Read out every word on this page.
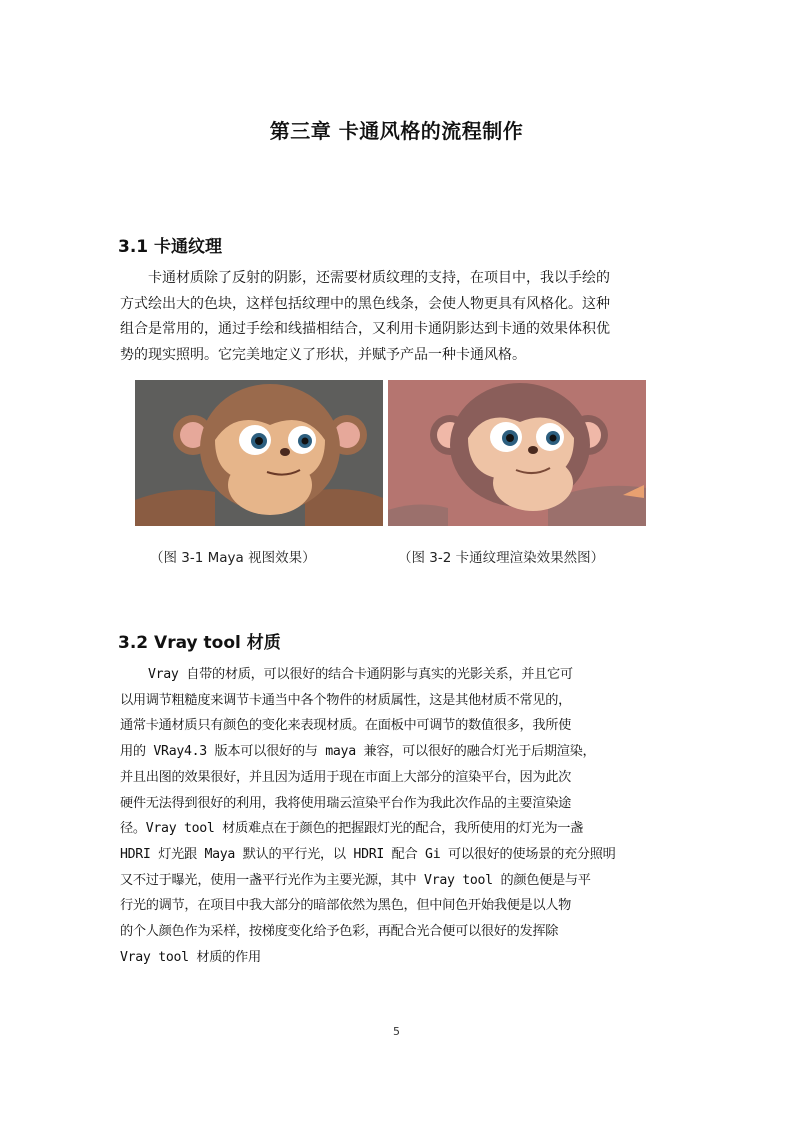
第三章 卡通风格的流程制作
3.1 卡通纹理
卡通材质除了反射的阴影，还需要材质纹理的支持，在项目中，我以手绘的
方式绘出大的色块，这样包括纹理中的黑色线条，会使人物更具有风格化。这种
组合是常用的，通过手绘和线描相结合，又利用卡通阴影达到卡通的效果体积优
势的现实照明。它完美地定义了形状，并赋予产品一种卡通风格。
（图 3-1 Maya 视图效果）	（图 3-2 卡通纹理渲染效果然图）
3.2 Vray tool 材质
Vray 自带的材质，可以很好的结合卡通阴影与真实的光影关系，并且它可
以用调节粗糙度来调节卡通当中各个物件的材质属性，这是其他材质不常见的，
通常卡通材质只有颜色的变化来表现材质。在面板中可调节的数值很多，我所使
用的 VRay4.3 版本可以很好的与 maya 兼容，可以很好的融合灯光于后期渲染，
并且出图的效果很好，并且因为适用于现在市面上大部分的渲染平台，因为此次
硬件无法得到很好的利用，我将使用瑞云渲染平台作为我此次作品的主要渲染途
径。Vray tool 材质难点在于颜色的把握跟灯光的配合，我所使用的灯光为一盏
HDRI 灯光跟 Maya 默认的平行光，以 HDRI 配合 Gi 可以很好的使场景的充分照明
又不过于曝光，使用一盏平行光作为主要光源，其中 Vray tool 的颜色便是与平
行光的调节，在项目中我大部分的暗部依然为黑色，但中间色开始我便是以人物
的个人颜色作为采样，按梯度变化给予色彩，再配合光合便可以很好的发挥除
Vray tool 材质的作用
5
